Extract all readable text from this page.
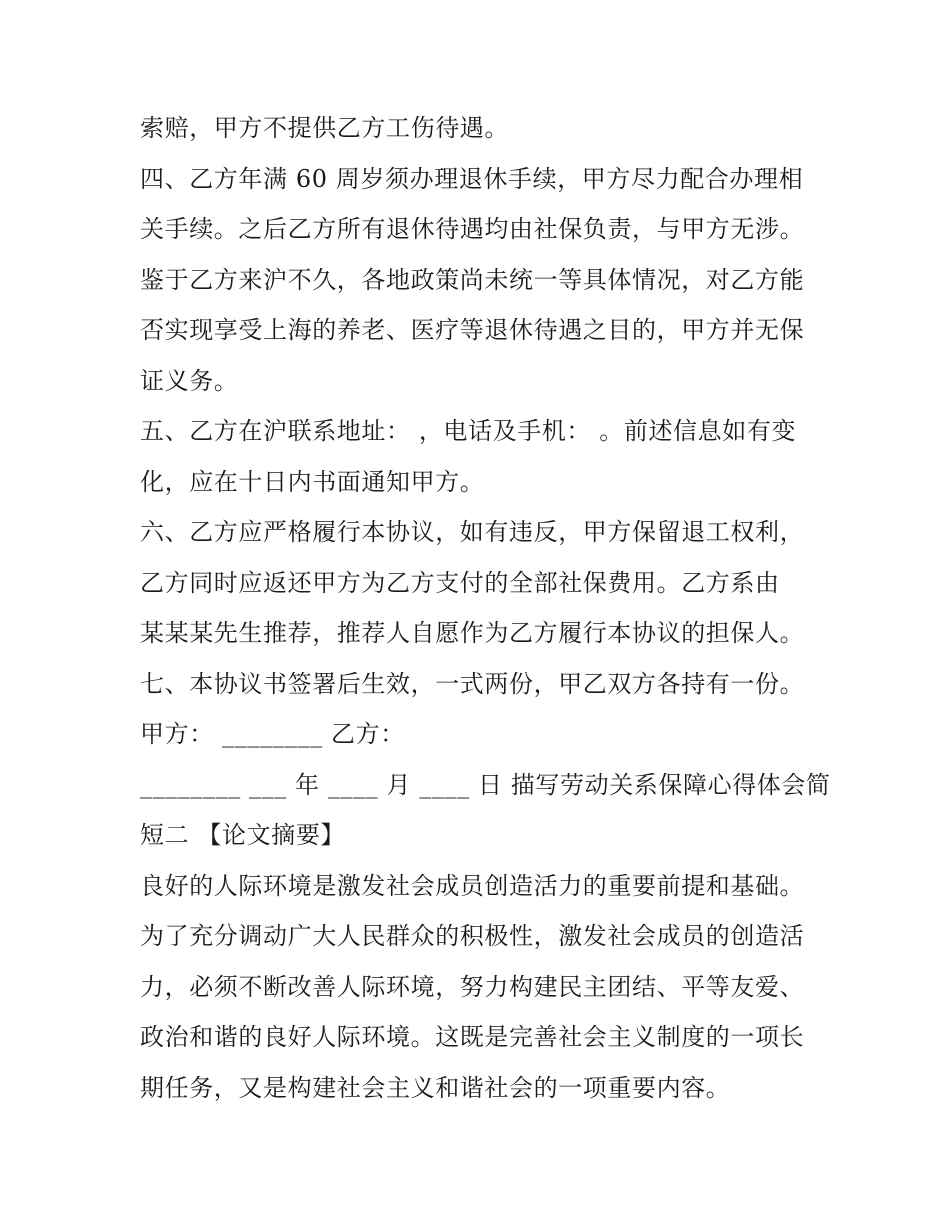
索赔，甲方不提供乙方工伤待遇。
四、乙方年满 60 周岁须办理退休手续，甲方尽力配合办理相
关手续。之后乙方所有退休待遇均由社保负责，与甲方无涉。
鉴于乙方来沪不久，各地政策尚未统一等具体情况，对乙方能
否实现享受上海的养老、医疗等退休待遇之目的，甲方并无保
证义务。
五、乙方在沪联系地址： ，电话及手机： 。前述信息如有变
化，应在十日内书面通知甲方。
六、乙方应严格履行本协议，如有违反，甲方保留退工权利，
乙方同时应返还甲方为乙方支付的全部社保费用。乙方系由
某某某先生推荐，推荐人自愿作为乙方履行本协议的担保人。
七、本协议书签署后生效，一式两份，甲乙双方各持有一份。
甲方： ________ 乙方：
________ ___ 年 ____ 月 ____ 日 描写劳动关系保障心得体会简
短二 【论文摘要】
良好的人际环境是激发社会成员创造活力的重要前提和基础。
为了充分调动广大人民群众的积极性，激发社会成员的创造活
力，必须不断改善人际环境，努力构建民主团结、平等友爱、
政治和谐的良好人际环境。这既是完善社会主义制度的一项长
期任务，又是构建社会主义和谐社会的一项重要内容。
